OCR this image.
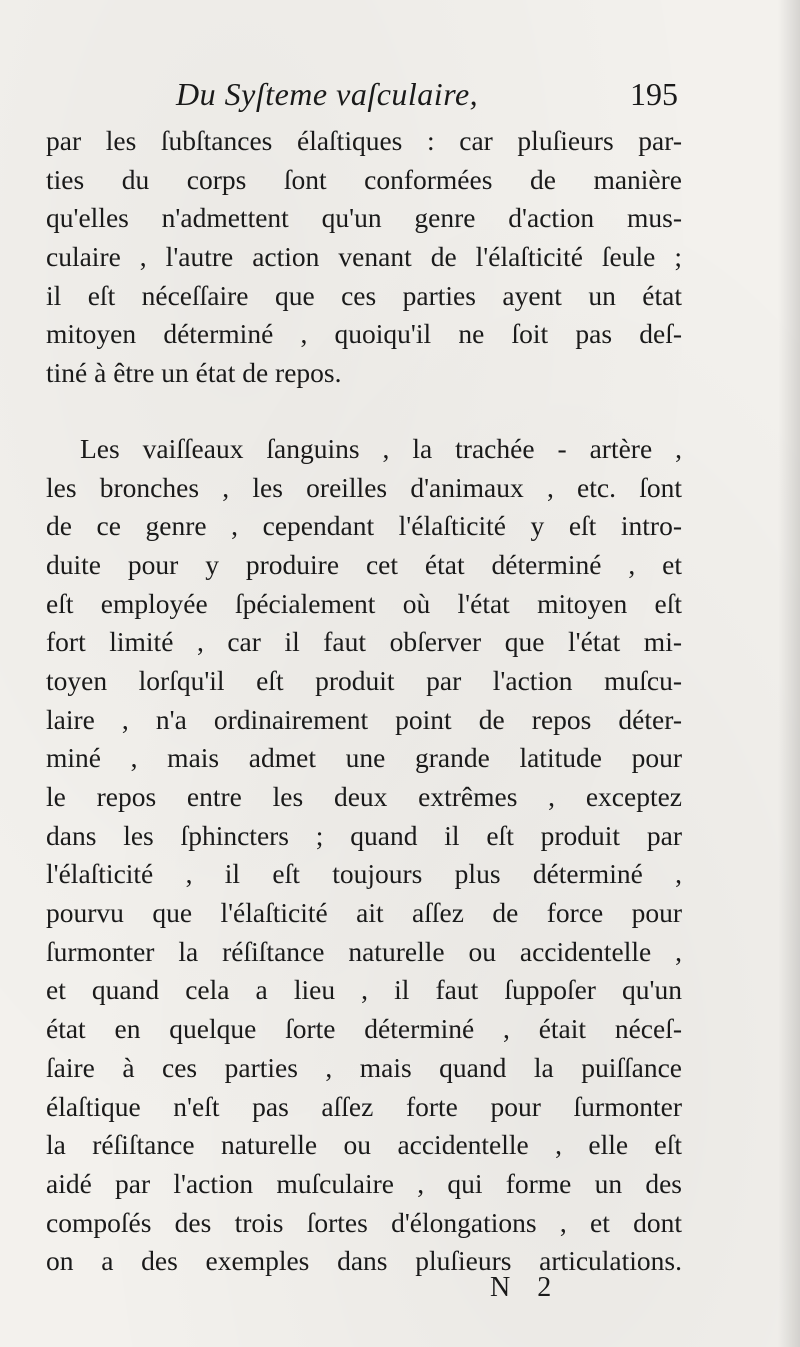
Du Syſteme vaſculaire,	195
par les ſubſtances élaſtiques : car pluſieurs par-
ties du corps ſont conformées de manière
qu'elles n'admettent qu'un genre d'action mus-
culaire , l'autre action venant de l'élaſticité ſeule ;
il eſt néceſſaire que ces parties ayent un état
mitoyen déterminé , quoiqu'il ne ſoit pas deſ-
tiné à être un état de repos.
Les vaiſſeaux ſanguins , la trachée - artère ,
les bronches , les oreilles d'animaux , etc. ſont
de ce genre , cependant l'élaſticité y eſt intro-
duite pour y produire cet état déterminé , et
eſt employée ſpécialement où l'état mitoyen eſt
fort limité , car il faut obſerver que l'état mi-
toyen lorſqu'il eſt produit par l'action muſcu-
laire , n'a ordinairement point de repos déter-
miné , mais admet une grande latitude pour
le repos entre les deux extrêmes , exceptez
dans les ſphincters ; quand il eſt produit par
l'élaſticité , il eſt toujours plus déterminé ,
pourvu que l'élaſticité ait aſſez de force pour
ſurmonter la réſiſtance naturelle ou accidentelle ,
et quand cela a lieu , il faut ſuppoſer qu'un
état en quelque ſorte déterminé , était néceſ-
ſaire à ces parties , mais quand la puiſſance
élaſtique n'eſt pas aſſez forte pour ſurmonter
la réſiſtance naturelle ou accidentelle , elle eſt
aidé par l'action muſculaire , qui forme un des
compoſés des trois ſortes d'élongations , et dont
on a des exemples dans pluſieurs articulations.
N 2
